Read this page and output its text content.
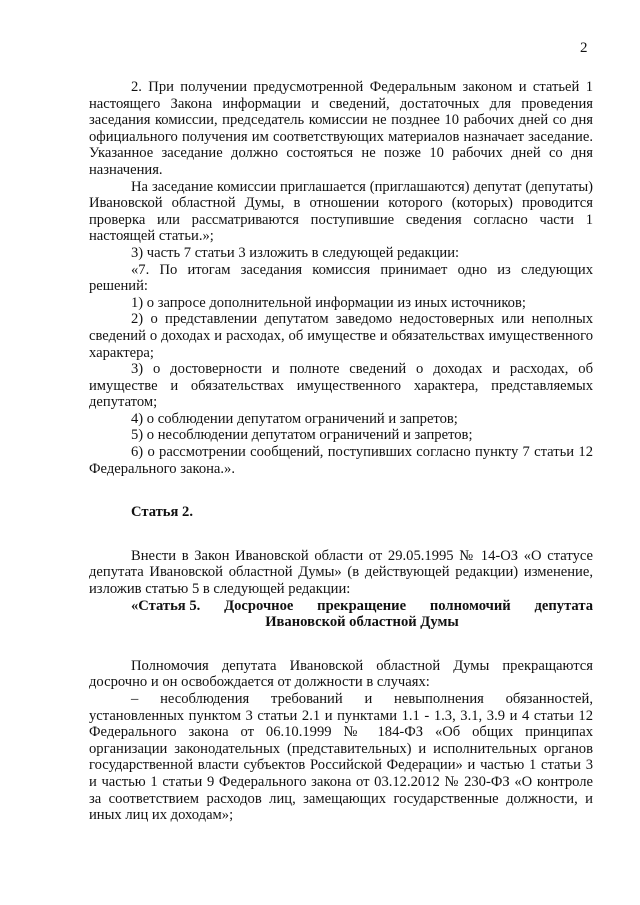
2

2. При получении предусмотренной Федеральным законом и статьей 1 настоящего Закона информации и сведений, достаточных для проведения заседания комиссии, председатель комиссии не позднее 10 рабочих дней со дня официального получения им соответствующих материалов назначает заседание. Указанное заседание должно состояться не позже 10 рабочих дней со дня назначения.

На заседание комиссии приглашается (приглашаются) депутат (депутаты) Ивановской областной Думы, в отношении которого (которых) проводится проверка или рассматриваются поступившие сведения согласно части 1 настоящей статьи.»;

3) часть 7 статьи 3 изложить в следующей редакции:

«7. По итогам заседания комиссия принимает одно из следующих решений:

1) о запросе дополнительной информации из иных источников;

2) о представлении депутатом заведомо недостоверных или неполных сведений о доходах и расходах, об имуществе и обязательствах имущественного характера;

3) о достоверности и полноте сведений о доходах и расходах, об имуществе и обязательствах имущественного характера, представляемых депутатом;

4) о соблюдении депутатом ограничений и запретов;

5) о несоблюдении депутатом ограничений и запретов;

6) о рассмотрении сообщений, поступивших согласно пункту 7 статьи 12 Федерального закона.».

Статья 2.

Внести в Закон Ивановской области от 29.05.1995 № 14-ОЗ «О статусе депутата Ивановской областной Думы» (в действующей редакции) изменение, изложив статью 5 в следующей редакции:

«Статья 5. Досрочное прекращение полномочий депутата

Ивановской областной Думы

Полномочия депутата Ивановской областной Думы прекращаются досрочно и он освобождается от должности в случаях:

– несоблюдения требований и невыполнения обязанностей, установленных пунктом 3 статьи 2.1 и пунктами 1.1 - 1.3, 3.1, 3.9 и 4 статьи 12 Федерального закона от 06.10.1999 № 184-ФЗ «Об общих принципах организации законодательных (представительных) и исполнительных органов государственной власти субъектов Российской Федерации» и частью 1 статьи 3 и частью 1 статьи 9 Федерального закона от 03.12.2012 № 230-ФЗ «О контроле за соответствием расходов лиц, замещающих государственные должности, и иных лиц их доходам»;
